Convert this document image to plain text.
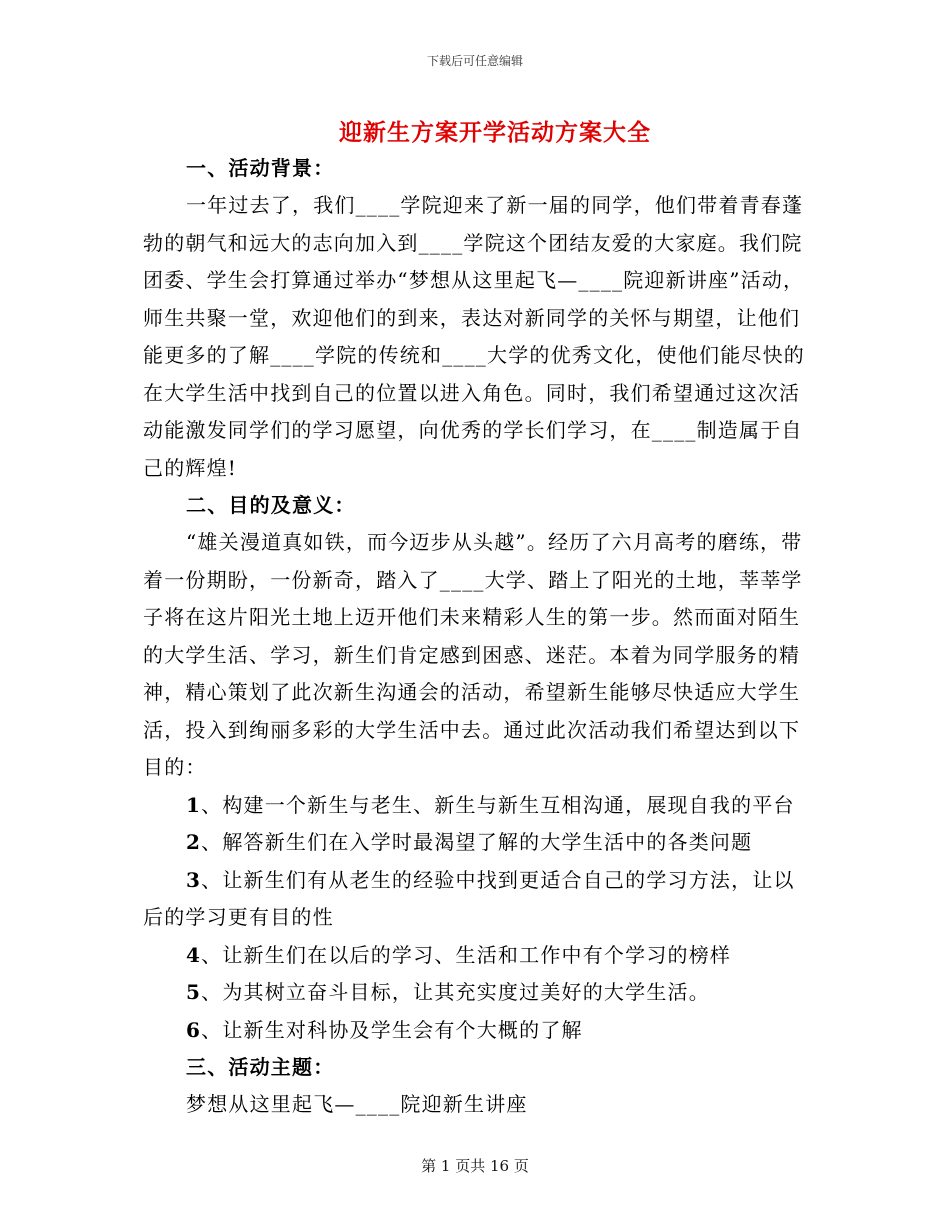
下载后可任意编辑
迎新生方案开学活动方案大全
一、活动背景：

一年过去了，我们____学院迎来了新一届的同学，他们带着青春蓬勃的朝气和远大的志向加入到____学院这个团结友爱的大家庭。我们院团委、学生会打算通过举办“梦想从这里起飞—____院迎新讲座”活动，师生共聚一堂，欢迎他们的到来，表达对新同学的关怀与期望，让他们能更多的了解____学院的传统和____大学的优秀文化，使他们能尽快的在大学生活中找到自己的位置以进入角色。同时，我们希望通过这次活动能激发同学们的学习愿望，向优秀的学长们学习，在____制造属于自己的辉煌!

二、目的及意义：

“雄关漫道真如铁，而今迈步从头越”。经历了六月高考的磨练，带着一份期盼，一份新奇，踏入了____大学、踏上了阳光的土地，莘莘学子将在这片阳光土地上迈开他们未来精彩人生的第一步。然而面对陌生的大学生活、学习，新生们肯定感到困惑、迷茫。本着为同学服务的精神，精心策划了此次新生沟通会的活动，希望新生能够尽快适应大学生活，投入到绚丽多彩的大学生活中去。通过此次活动我们希望达到以下目的：

1、构建一个新生与老生、新生与新生互相沟通，展现自我的平台

2、解答新生们在入学时最渴望了解的大学生活中的各类问题

3、让新生们有从老生的经验中找到更适合自己的学习方法，让以后的学习更有目的性

4、让新生们在以后的学习、生活和工作中有个学习的榜样

5、为其树立奋斗目标，让其充实度过美好的大学生活。

6、让新生对科协及学生会有个大概的了解

三、活动主题：

梦想从这里起飞—____院迎新生讲座

第 1 页共 16 页
